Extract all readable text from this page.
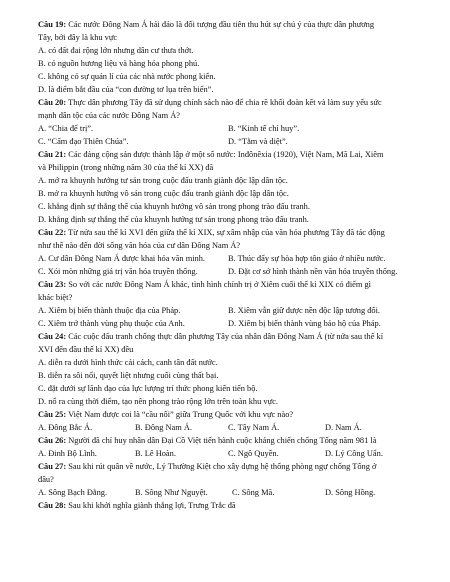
Câu 19: Các nước Đông Nam Á hải đảo là đối tượng đầu tiên thu hút sự chú ý của thực dân phương
Tây, bởi đây là khu vực
A. có đất đai rộng lớn nhưng dân cư thưa thớt.
B. có nguồn hương liệu và hàng hóa phong phú.
C. không có sự quản lí của các nhà nước phong kiến.
D. là điểm bắt đầu của “con đường tơ lụa trên biển”.
Câu 20: Thực dân phương Tây đã sử dụng chính sách nào để chia rẽ khối đoàn kết và làm suy yếu sức
mạnh dân tộc của các nước Đông Nam Á?
A. “Chia để trị”.	B. “Kinh tế chỉ huy”.
C. “Cấm đạo Thiên Chúa”.	D. “Tằm và diệt”.
Câu 21: Các đảng cộng sản được thành lập ở một số nước: Inđônêxia (1920), Việt Nam, Mã Lai, Xiêm
và Philippin (trong những năm 30 của thế kỉ XX) đã
A. mở ra khuynh hướng tư sản trong cuộc đấu tranh giành độc lập dân tộc.
B. mở ra khuynh hướng vô sản trong cuộc đấu tranh giành độc lập dân tộc.
C. khẳng định sự thắng thế của khuynh hướng vô sản trong phong trào đấu tranh.
D. khẳng định sự thắng thế của khuynh hướng tư sản trong phong trào đấu tranh.
Câu 22: Từ nửa sau thế kỉ XVI đến giữa thế kỉ XIX, sự xâm nhập của văn hóa phương Tây đã tác động
như thế nào đến đời sống văn hóa của cư dân Đông Nam Á?
A. Cư dân Đông Nam Á được khai hóa văn minh.	B. Thúc đẩy sự hòa hợp tôn giáo ở nhiều nước.
C. Xói mòn những giá trị văn hóa truyền thống.	D. Đặt cơ sở hình thành nền văn hóa truyền thống.
Câu 23: So với các nước Đông Nam Á khác, tình hình chính trị ở Xiêm cuối thế kỉ XIX có điểm gì
khác biệt?
A. Xiêm bị biến thành thuộc địa của Pháp.	B. Xiêm vẫn giữ được nền độc lập tương đối.
C. Xiêm trở thành vùng phụ thuộc của Anh.	D. Xiêm bị biến thành vùng bảo hộ của Pháp.
Câu 24: Các cuộc đấu tranh chống thực dân phương Tây của nhân dân Đông Nam Á (từ nửa sau thế kỉ
XVI đến đầu thế kỉ XX) đều
A. diễn ra dưới hình thức cải cách, canh tân đất nước.
B. diễn ra sôi nổi, quyết liệt nhưng cuối cùng thất bại.
C. đặt dưới sự lãnh đạo của lực lượng trí thức phong kiến tiến bộ.
D. nổ ra cùng thời điểm, tạo nên phong trào rộng lớn trên toàn khu vực.
Câu 25: Việt Nam được coi là “cầu nối” giữa Trung Quốc với khu vực nào?
A. Đông Bắc Á.	B. Đông Nam Á.	C. Tây Nam Á.	D. Nam Á.
Câu 26: Người đã chỉ huy nhân dân Đại Cồ Việt tiến hành cuộc kháng chiến chống Tống năm 981 là
A. Đinh Bộ Lĩnh.	B. Lê Hoàn.	C. Ngô Quyền.	D. Lý Công Uẩn.
Câu 27: Sau khi rút quân về nước, Lý Thường Kiệt cho xây dựng hệ thống phòng ngự chống Tống ở
đâu?
A. Sông Bạch Đằng.	B. Sông Như Nguyệt.	C. Sông Mã.	D. Sông Hồng.
Câu 28: Sau khi khởi nghĩa giành thắng lợi, Trưng Trắc đã
